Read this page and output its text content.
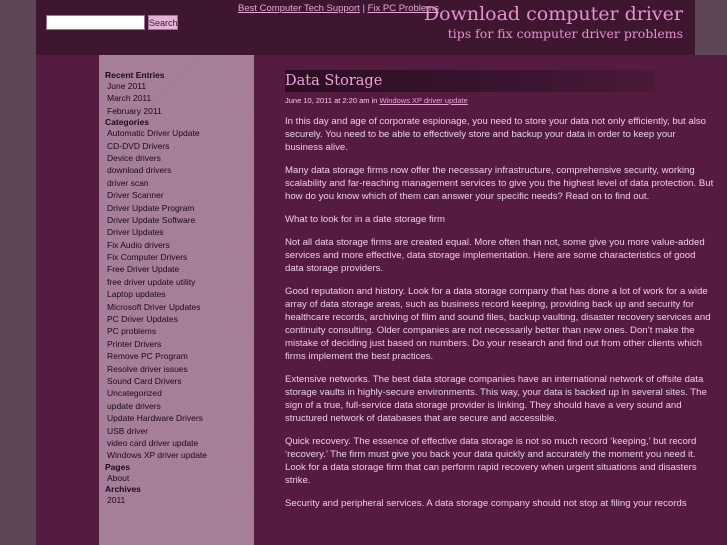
Search
Best Computer Tech Support | Fix PC Problems
Download computer driver
tips for fix computer driver problems
Recent Entries
June 2011
March 2011
February 2011
Categories
Automatic Driver Update
CD-DVD Drivers
Device drivers
download drivers
driver scan
Driver Scanner
Driver Update Program
Driver Update Software
Driver Updates
Fix Audio drivers
Fix Computer Drivers
Free Driver Update
free driver update utility
Laptop updates
Microsoft Driver Updates
PC Driver Updates
PC problems
Printer Drivers
Remove PC Program
Resolve driver issues
Sound Card Drivers
Uncategorized
update drivers
Update Hardware Drivers
USB driver
video card driver update
Windows XP driver update
Pages
About
Archives
2011
Data Storage
June 10, 2011 at 2:20 am in Windows XP driver update

In this day and age of corporate espionage, you need to store your data not only efficiently, but also securely. You need to be able to effectively store and backup your data in order to keep your business alive.

Many data storage firms now offer the necessary infrastructure, comprehensive security, working scalability and far-reaching management services to give you the highest level of data protection. But how do you know which of them can answer your specific needs? Read on to find out.

What to look for in a date storage firm

Not all data storage firms are created equal. More often than not, some give you more value-added services and more effective, data storage implementation. Here are some characteristics of good data storage providers.

Good reputation and history. Look for a data storage company that has done a lot of work for a wide array of data storage areas, such as business record keeping, providing back up and security for healthcare records, archiving of film and sound files, backup vaulting, disaster recovery services and continuity consulting. Older companies are not necessarily better than new ones. Don’t make the mistake of deciding just based on numbers. Do your research and find out from other clients which firms implement the best practices.

Extensive networks. The best data storage companies have an international network of offsite data storage vaults in highly-secure environments. This way, your data is backed up in several sites. The sign of a true, full-service data storage provider is linking. They should have a very sound and structured network of databases that are secure and accessible.

Quick recovery. The essence of effective data storage is not so much record ‘keeping,’ but record ‘recovery.’ The firm must give you back your data quickly and accurately the moment you need it. Look for a data storage firm that can perform rapid recovery when urgent situations and disasters strike.

Security and peripheral services. A data storage company should not stop at filing your records
